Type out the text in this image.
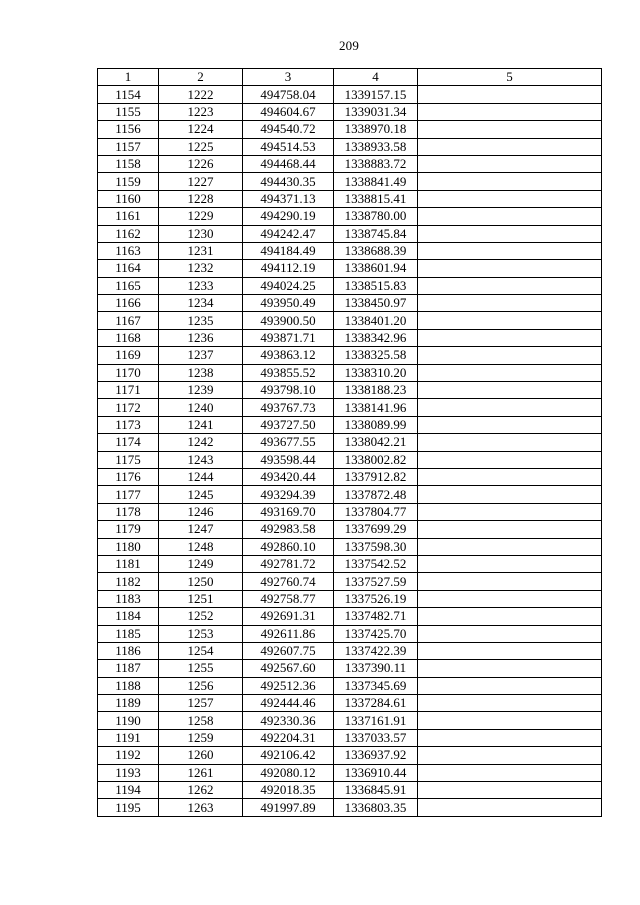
209
1	2	3	4	5
1154	1222	494758.04	1339157.15	
1155	1223	494604.67	1339031.34	
1156	1224	494540.72	1338970.18	
1157	1225	494514.53	1338933.58	
1158	1226	494468.44	1338883.72	
1159	1227	494430.35	1338841.49	
1160	1228	494371.13	1338815.41	
1161	1229	494290.19	1338780.00	
1162	1230	494242.47	1338745.84	
1163	1231	494184.49	1338688.39	
1164	1232	494112.19	1338601.94	
1165	1233	494024.25	1338515.83	
1166	1234	493950.49	1338450.97	
1167	1235	493900.50	1338401.20	
1168	1236	493871.71	1338342.96	
1169	1237	493863.12	1338325.58	
1170	1238	493855.52	1338310.20	
1171	1239	493798.10	1338188.23	
1172	1240	493767.73	1338141.96	
1173	1241	493727.50	1338089.99	
1174	1242	493677.55	1338042.21	
1175	1243	493598.44	1338002.82	
1176	1244	493420.44	1337912.82	
1177	1245	493294.39	1337872.48	
1178	1246	493169.70	1337804.77	
1179	1247	492983.58	1337699.29	
1180	1248	492860.10	1337598.30	
1181	1249	492781.72	1337542.52	
1182	1250	492760.74	1337527.59	
1183	1251	492758.77	1337526.19	
1184	1252	492691.31	1337482.71	
1185	1253	492611.86	1337425.70	
1186	1254	492607.75	1337422.39	
1187	1255	492567.60	1337390.11	
1188	1256	492512.36	1337345.69	
1189	1257	492444.46	1337284.61	
1190	1258	492330.36	1337161.91	
1191	1259	492204.31	1337033.57	
1192	1260	492106.42	1336937.92	
1193	1261	492080.12	1336910.44	
1194	1262	492018.35	1336845.91	
1195	1263	491997.89	1336803.35	
